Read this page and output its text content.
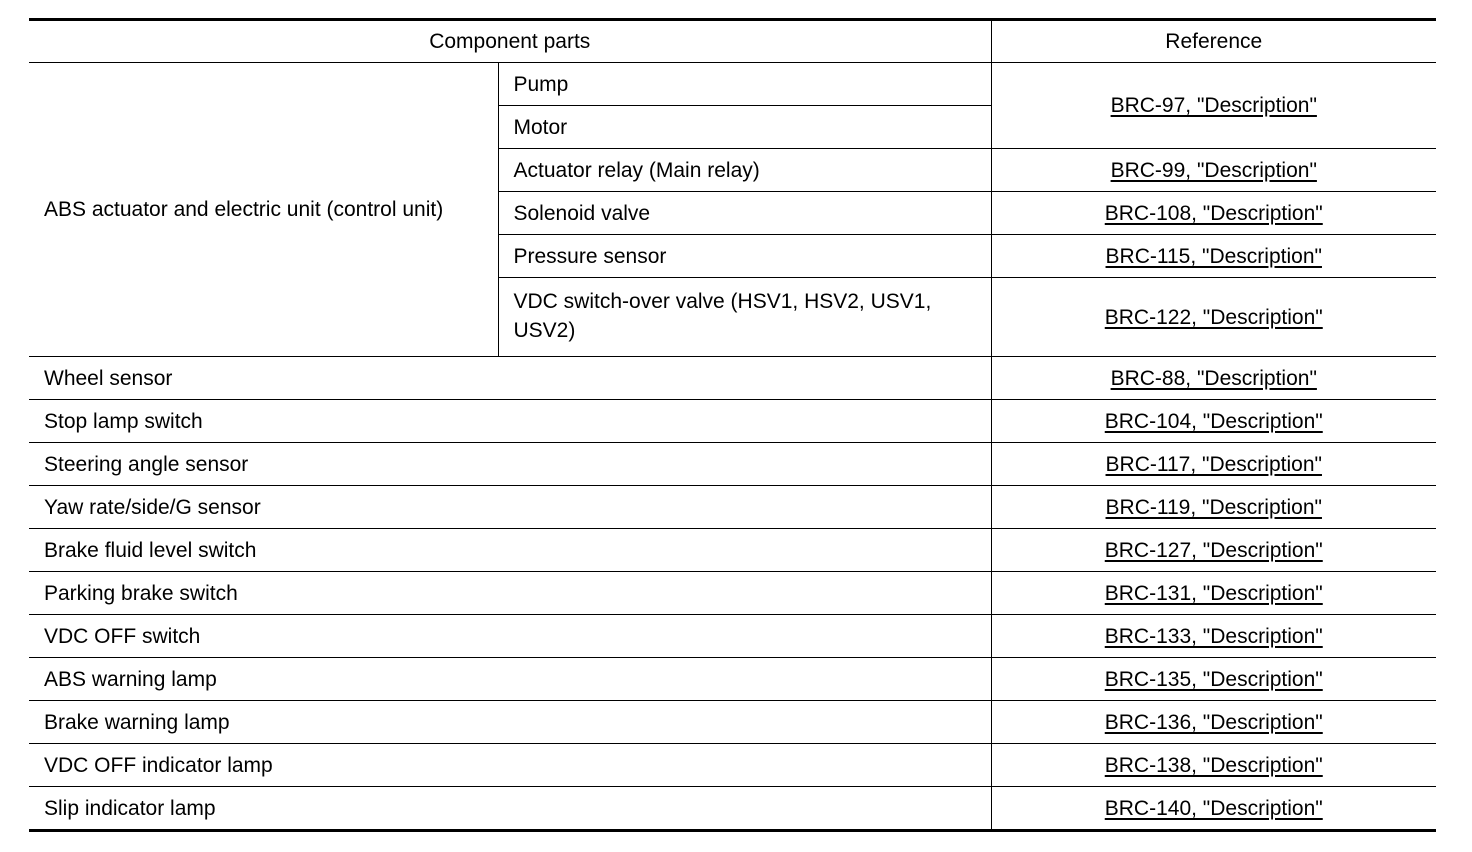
Component parts		Reference
ABS actuator and electric unit (control unit)	Pump	BRC-97, "Description"
	Motor	
	Actuator relay (Main relay)	BRC-99, "Description"
	Solenoid valve	BRC-108, "Description"
	Pressure sensor	BRC-115, "Description"
	VDC switch-over valve (HSV1, HSV2, USV1, USV2)	BRC-122, "Description"
Wheel sensor		BRC-88, "Description"
Stop lamp switch		BRC-104, "Description"
Steering angle sensor		BRC-117, "Description"
Yaw rate/side/G sensor		BRC-119, "Description"
Brake fluid level switch		BRC-127, "Description"
Parking brake switch		BRC-131, "Description"
VDC OFF switch		BRC-133, "Description"
ABS warning lamp		BRC-135, "Description"
Brake warning lamp		BRC-136, "Description"
VDC OFF indicator lamp		BRC-138, "Description"
Slip indicator lamp		BRC-140, "Description"
